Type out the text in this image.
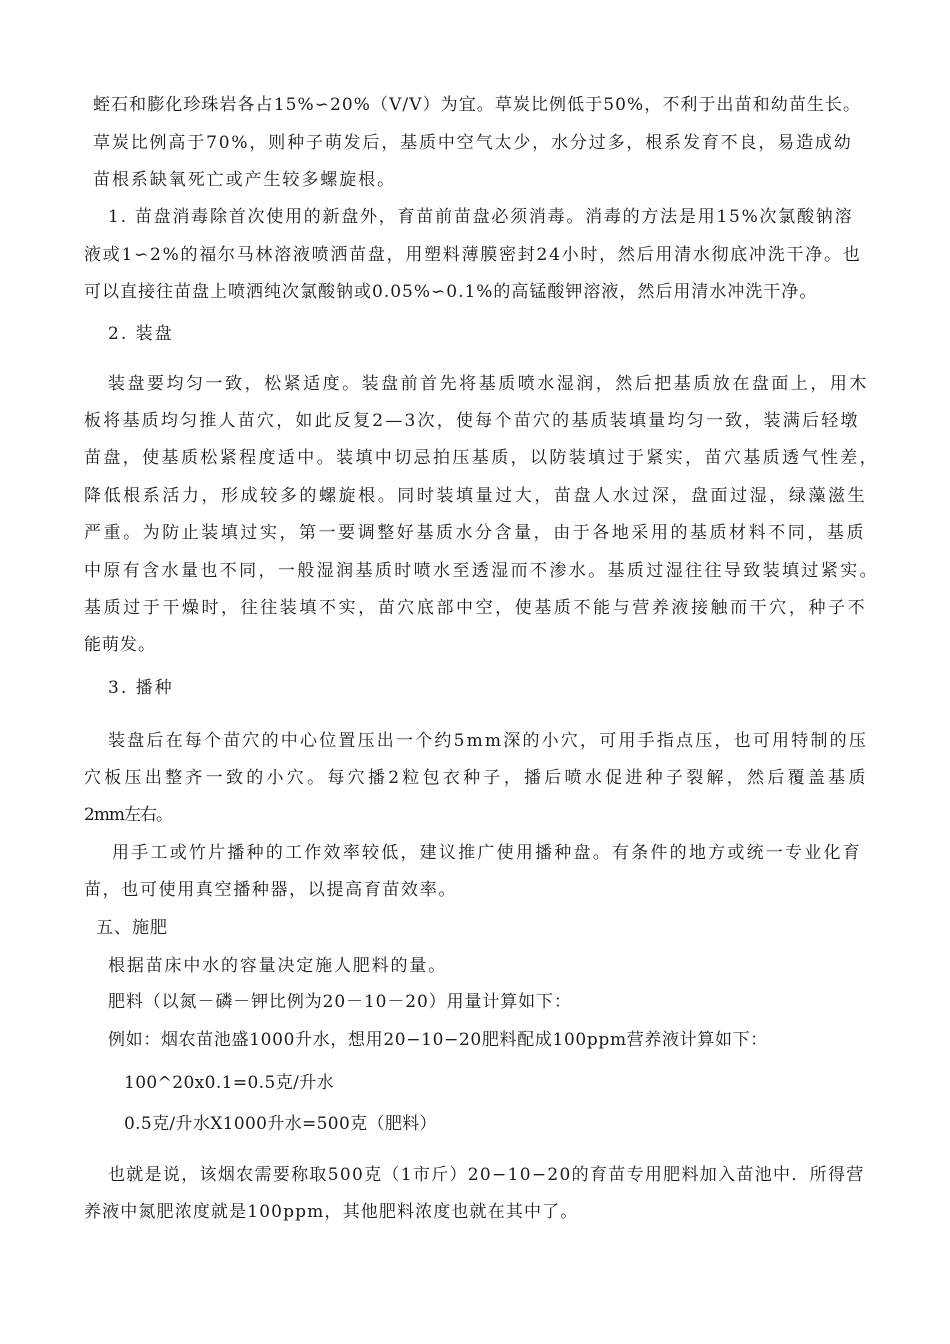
蛭石和膨化珍珠岩各占15%∽20%（V/V）为宜。草炭比例低于50%，不利于出苗和幼苗生长。
草炭比例高于70%，则种子萌发后，基质中空气太少，水分过多，根系发育不良，易造成幼
苗根系缺氧死亡或产生较多螺旋根。
1. 苗盘消毒除首次使用的新盘外，育苗前苗盘必须消毒。消毒的方法是用15%次氯酸钠溶
液或1∽2%的福尔马林溶液喷洒苗盘，用塑料薄膜密封24小时，然后用清水彻底冲洗干净。也
可以直接往苗盘上喷洒纯次氯酸钠或0.05%∽0.1%的高锰酸钾溶液，然后用清水冲洗干净。
2. 装盘
装盘要均匀一致，松紧适度。装盘前首先将基质喷水湿润，然后把基质放在盘面上，用木
板将基质均匀推人苗穴，如此反复2—3次，使每个苗穴的基质装填量均匀一致，装满后轻墩
苗盘，使基质松紧程度适中。装填中切忌拍压基质，以防装填过于紧实，苗穴基质透气性差，
降低根系活力，形成较多的螺旋根。同时装填量过大，苗盘人水过深，盘面过湿，绿藻滋生
严重。为防止装填过实，第一要调整好基质水分含量，由于各地采用的基质材料不同，基质
中原有含水量也不同，一般湿润基质时喷水至透湿而不渗水。基质过湿往往导致装填过紧实。
基质过于干燥时，往往装填不实，苗穴底部中空，使基质不能与营养液接触而干穴，种子不
能萌发。
3. 播种
装盘后在每个苗穴的中心位置压出一个约5mm深的小穴，可用手指点压，也可用特制的压
穴板压出整齐一致的小穴。每穴播2粒包衣种子，播后喷水促进种子裂解，然后覆盖基质
2mm左右。
用手工或竹片播种的工作效率较低，建议推广使用播种盘。有条件的地方或统一专业化育
苗，也可使用真空播种器，以提高育苗效率。
五、施肥
根据苗床中水的容量决定施人肥料的量。
肥料（以氮－磷－钾比例为20－10－20）用量计算如下：
例如：烟农苗池盛1000升水，想用20−10−20肥料配成100ppm营养液计算如下：
100^20x0.1=0.5克/升水
0.5克/升水X1000升水=500克（肥料）
也就是说，该烟农需要称取500克（1市斤）20−10−20的育苗专用肥料加入苗池中．所得营
养液中氮肥浓度就是100ppm，其他肥料浓度也就在其中了。
